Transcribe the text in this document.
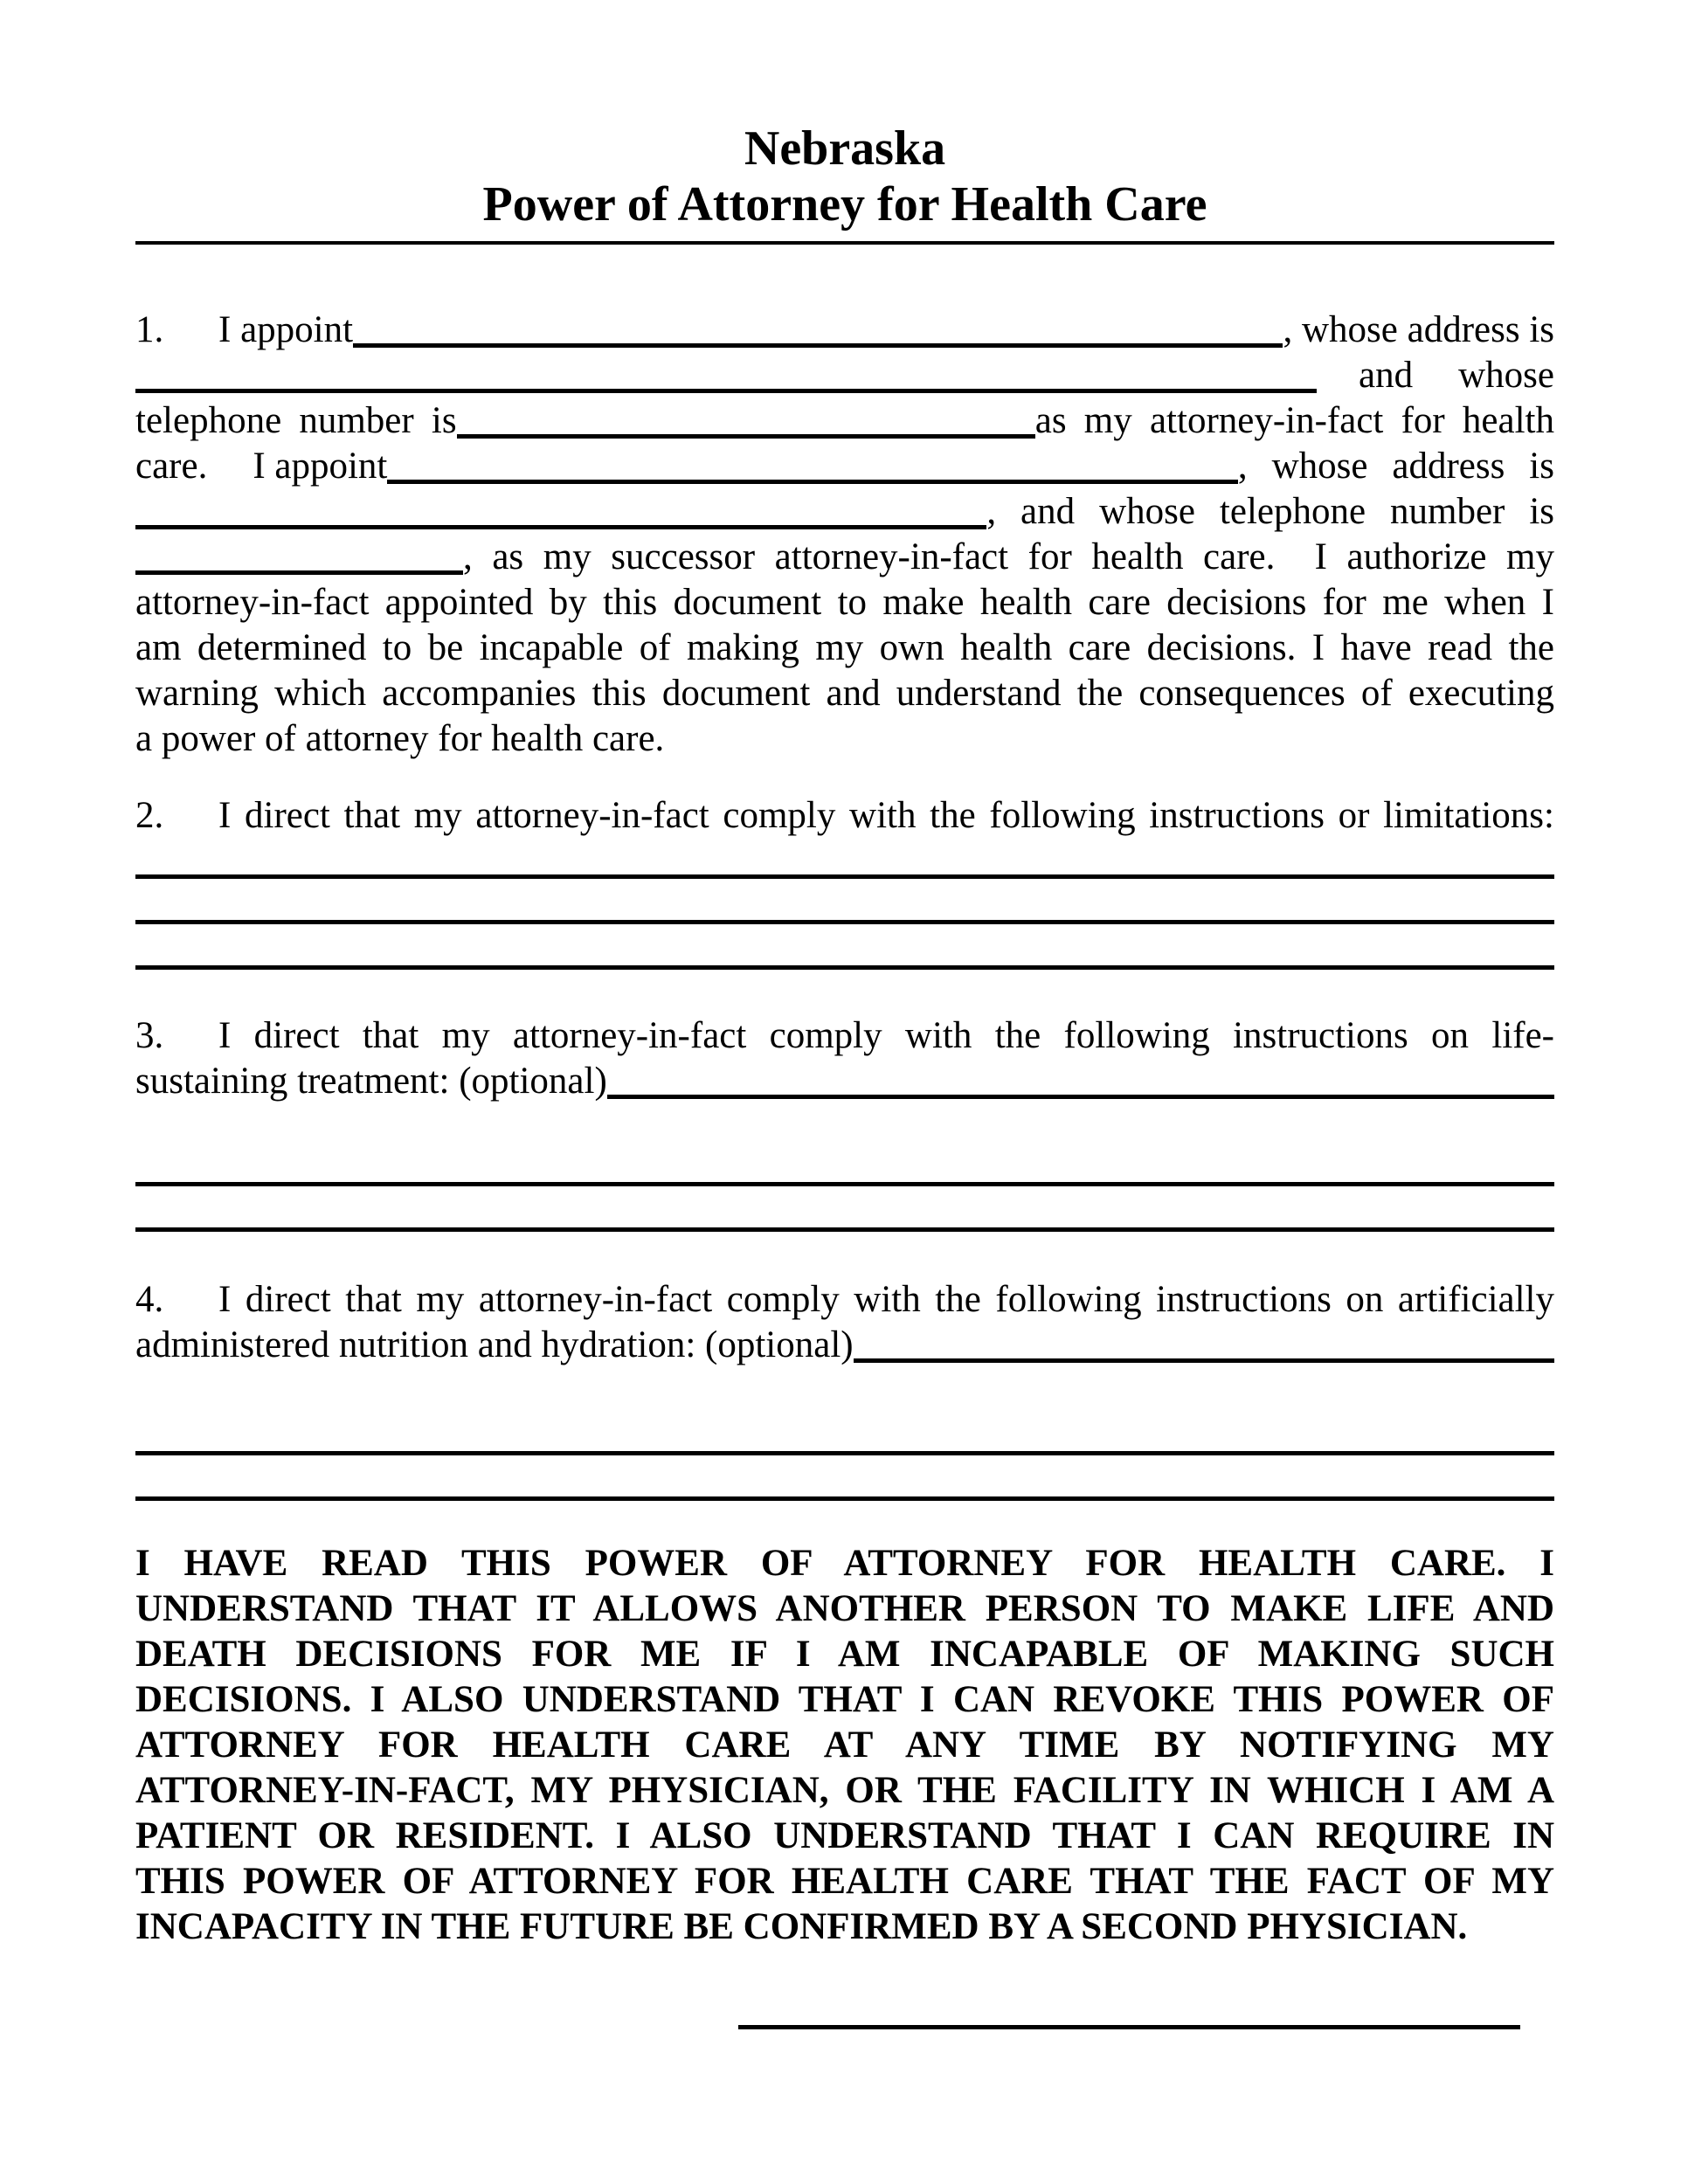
Nebraska
Power of Attorney for Health Care
1.	I appoint	, whose address is
and whose
telephone number is	as my attorney-in-fact for health
care. I appoint	, whose address is
, and whose telephone number is
, as my successor attorney-in-fact for health care.  I authorize my
attorney-in-fact appointed by this document to make health care decisions for me when I
am determined to be incapable of making my own health care decisions. I have read the
warning which accompanies this document and understand the consequences of executing
a power of attorney for health care.
2.	I direct that my attorney-in-fact comply with the following instructions or limitations:
3.	I direct that my attorney-in-fact comply with the following instructions on life-
sustaining treatment: (optional)
4.	I direct that my attorney-in-fact comply with the following instructions on artificially
administered nutrition and hydration: (optional)
I HAVE READ THIS POWER OF ATTORNEY FOR HEALTH CARE. I
UNDERSTAND THAT IT ALLOWS ANOTHER PERSON TO MAKE LIFE AND
DEATH DECISIONS FOR ME IF I AM INCAPABLE OF MAKING SUCH
DECISIONS. I ALSO UNDERSTAND THAT I CAN REVOKE THIS POWER OF
ATTORNEY FOR HEALTH CARE AT ANY TIME BY NOTIFYING MY
ATTORNEY-IN-FACT, MY PHYSICIAN, OR THE FACILITY IN WHICH I AM A
PATIENT OR RESIDENT. I ALSO UNDERSTAND THAT I CAN REQUIRE IN
THIS POWER OF ATTORNEY FOR HEALTH CARE THAT THE FACT OF MY
INCAPACITY IN THE FUTURE BE CONFIRMED BY A SECOND PHYSICIAN.
